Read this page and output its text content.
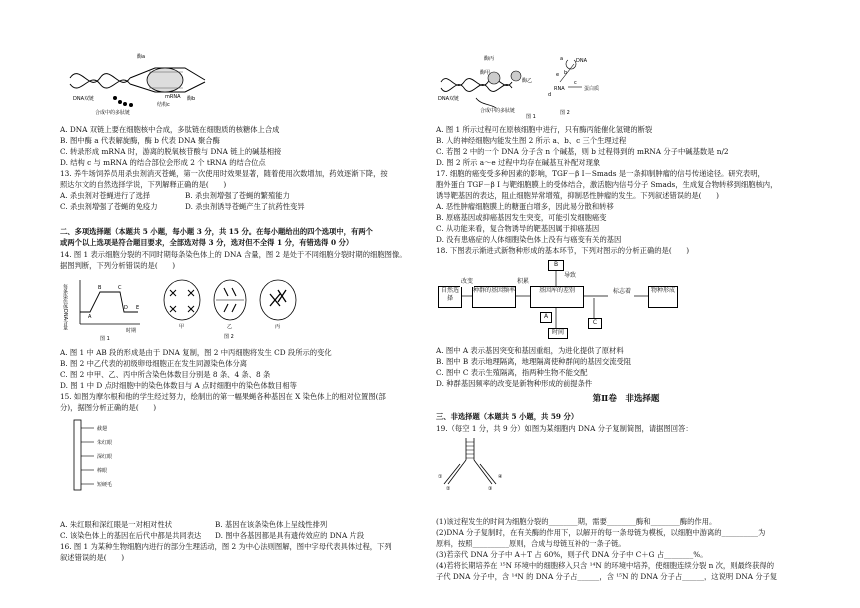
酶a
DNA双链	mRNA 酶b
结构c
合成中的多肽链
A. DNA 双链上要在细胞核中合成，多肽链在细胞质的核糖体上合成
B. 图中酶 a 代表解旋酶，酶 b 代表 DNA 聚合酶
C. 转录形成 mRNA 时，游离的脱氧核苷酸与 DNA 链上的碱基相接
D. 结构 c 与 mRNA 的结合部位会形成 2 个 tRNA 的结合位点
13. 养牛场饲养员用杀虫剂消灭苍蝇，第一次使用时效果显著，随着使用次数增加，药效逐渐下降，按
照达尔文的自然选择学说，下列解释正确的是(　　)
A. 杀虫剂对苍蝇进行了选择	B. 杀虫剂增强了苍蝇的繁殖能力
C. 杀虫剂增强了苍蝇的免疫力	D. 杀虫剂诱导苍蝇产生了抗药性变异
二、多项选择题（本题共 5 小题，每小题 3 分，共 15 分。在每小题给出的四个选项中，有两个
或两个以上选项是符合题目要求，全部选对得 3 分，选对但不全得 1 分，有错选得 0 分）
14. 图 1 表示细胞分裂的不同时期每条染色体上的 DNA 含量，图 2 是处于不同细胞分裂时期的细胞图像。
据图判断，下列分析错误的是(　　)
每条染色体DNA含量	A
B	C
D E
时期
图 1
甲	乙	丙
图 2
A. 图 1 中 AB 段的形成是由于 DNA 复制，图 2 中丙细胞将发生 CD 段所示的变化
B. 图 2 中乙代表的初级卵母细胞正在发生同源染色体分离
C. 图 2 中甲、乙、丙中所含染色体数目分别是 8 条、4 条、8 条
D. 图 1 中 D 点时细胞中的染色体数目与 A 点时细胞中的染色体数目相等
15. 如图为摩尔根和他的学生经过努力，绘制出的第一幅果蝇各种基因在 X 染色体上的相对位置图(部
分)，据图分析正确的是(　　)
截翅
朱红眼
深红眼
棒眼
短硬毛
A. 朱红眼和深红眼是一对相对性状	B. 基因在该条染色体上呈线性排列
C. 该染色体上的基因在后代中都是共同表达 D. 图中各基因都是具有遗传效应的 DNA 片段
16. 图 1 为某种生物细胞内进行的部分生理活动，图 2 为中心法则图解，图中字母代表具体过程，下列
叙述错误的是(　　)
酶丙
酶甲
酶乙
DNA双链
合成中的多肽链
图 1
DNA
RNA	蛋白质
a
b
c
d
e
图 2
A. 图 1 所示过程可在原核细胞中进行，只有酶丙能催化氢键的断裂
B. 人的神经细胞内能发生图 2 所示 a、b、c 三个生理过程
C. 若图 2 中的一个 DNA 分子含 n 个碱基，则 b 过程得到的 mRNA 分子中碱基数是 n/2
D. 图 2 所示 a～e 过程中均存在碱基互补配对现象
17. 细胞的癌变受多种因素的影响，TGF－β I－Smads 是一条抑制肿瘤的信号传递途径。研究表明，
胞外蛋白 TGF－β I 与靶细胞膜上的受体结合，激活胞内信号分子 Smads，生成复合物转移到细胞核内，
诱导靶基因的表达，阻止细胞异常增殖，抑制恶性肿瘤的发生。下列叙述错误的是(　　)
A. 恶性肿瘤细胞膜上的糖蛋白增多，因此易分散和转移
B. 原癌基因或抑癌基因发生突变，可能引发细胞癌变
C. 从功能来看，复合物诱导的靶基因属于抑癌基因
D. 没有患癌症的人体细胞染色体上没有与癌变有关的基因
18. 下图表示渐进式新物种形成的基本环节，下列对图示的分析正确的是(　　)
B
自然选择
种群的基因频率	基因库的差别	物种形成
标志着
改变
导致
积累
时间
A
C
A. 图中 A 表示基因突变和基因重组，为进化提供了原材料
B. 图中 B 表示地理隔离，地理隔离使种群间的基因交流受阻
C. 图中 C 表示生殖隔离，指两种生物不能交配
D. 种群基因频率的改变是新物种形成的前提条件
第Ⅱ卷　非选择题
三、非选择题（本题共 5 小题，共 59 分）
19.（每空 1 分，共 9 分）如图为某细胞内 DNA 分子复制简图，请据图回答：
①
②	③
④
(1)该过程发生的时间为细胞分裂的________期，需要________酶和________酶的作用。
(2)DNA 分子复制时，在有关酶的作用下，以解开的每一条母链为模板，以细胞中游离的__________为
原料，按照__________原则，合成与母链互补的一条子链。
(3)若亲代 DNA 分子中 A＋T 占 60%，则子代 DNA 分子中 C＋G 占________%。
(4)若将长期培养在 ¹⁵N 环境中的细胞移入只含 ¹⁴N 的环境中培养，使细胞连续分裂 n 次，则最终获得的
子代 DNA 分子中，含 ¹⁴N 的 DNA 分子占______，含 ¹⁵N 的 DNA 分子占______，这说明 DNA 分子复
